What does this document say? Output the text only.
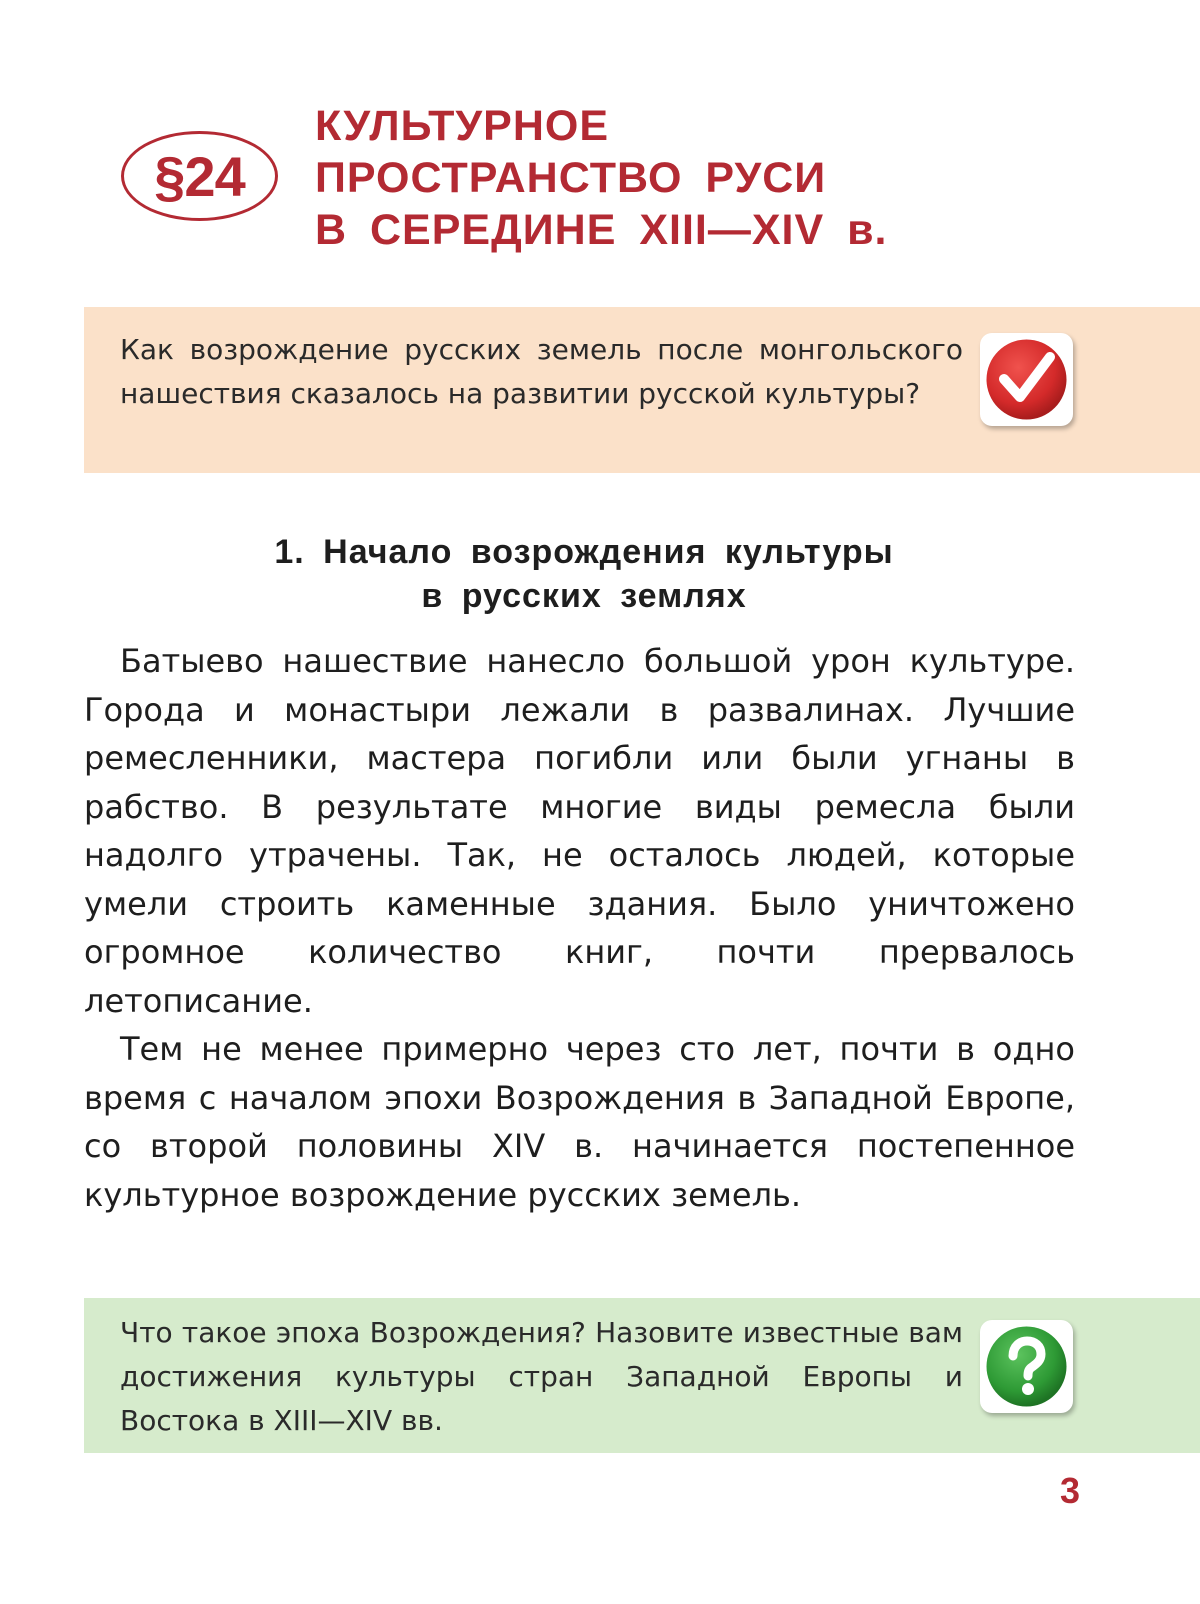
§24
КУЛЬТУРНОЕ
ПРОСТРАНСТВО РУСИ
В СЕРЕДИНЕ XIII—XIV в.
Как возрождение русских земель после монгольского нашествия сказалось на развитии русской культуры?
1. Начало возрождения культуры
в русских землях

Батыево нашествие нанесло большой урон культуре. Города и монастыри лежали в развалинах. Лучшие ремесленники, мастера погибли или были угнаны в рабство. В результате многие виды ремесла были надолго утрачены. Так, не осталось людей, которые умели строить каменные здания. Было уничтожено огромное количество книг, почти прервалось летописание.

Тем не менее примерно через сто лет, почти в одно время с началом эпохи Возрождения в Западной Европе, со второй половины XIV в. начинается постепенное культурное возрождение русских земель.

Что такое эпоха Возрождения? Назовите известные вам достижения культуры стран Западной Европы и Востока в XIII—XIV вв.
3
